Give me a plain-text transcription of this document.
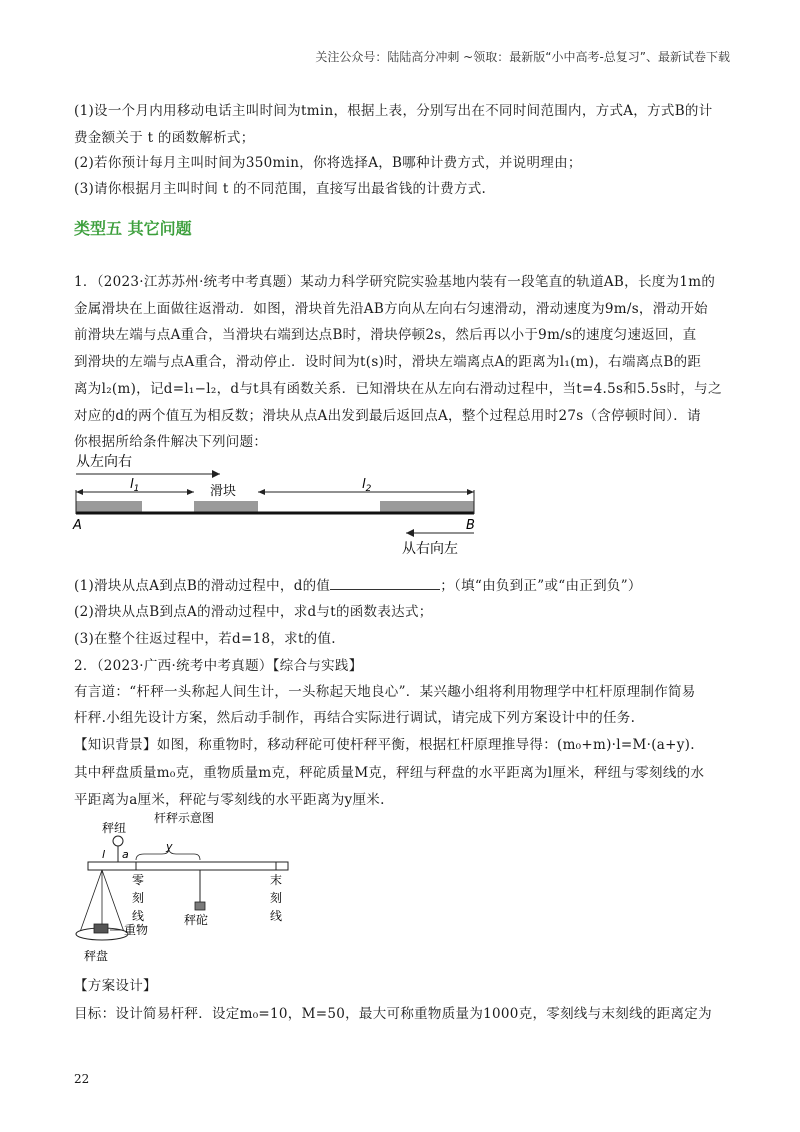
关注公众号：陆陆高分冲刺 ~领取：最新版“小中高考-总复习”、最新试卷下载
(1)设一个月内用移动电话主叫时间为tmin，根据上表，分别写出在不同时间范围内，方式A，方式B的计
费金额关于 t 的函数解析式；
(2)若你预计每月主叫时间为350min，你将选择A，B哪种计费方式，并说明理由；
(3)请你根据月主叫时间 t 的不同范围，直接写出最省钱的计费方式.
类型五 其它问题
1．（2023·江苏苏州·统考中考真题）某动力科学研究院实验基地内装有一段笔直的轨道AB，长度为1m的
金属滑块在上面做往返滑动．如图，滑块首先沿AB方向从左向右匀速滑动，滑动速度为9m/s，滑动开始
前滑块左端与点A重合，当滑块右端到达点B时，滑块停顿2s，然后再以小于9m/s的速度匀速返回，直
到滑块的左端与点A重合，滑动停止．设时间为t(s)时，滑块左端离点A的距离为l₁(m)，右端离点B的距
离为l₂(m)，记d=l₁−l₂，d与t具有函数关系．已知滑块在从左向右滑动过程中，当t=4.5s和5.5s时，与之
对应的d的两个值互为相反数；滑块从点A出发到最后返回点A，整个过程总用时27s（含停顿时间）．请
你根据所给条件解决下列问题：
从左向右
滑块
$l_1$	$l_2$
A	B
从右向左
(1)滑块从点A到点B的滑动过程中，d的值	；（填“由负到正”或“由正到负”）
(2)滑块从点B到点A的滑动过程中，求d与t的函数表达式；
(3)在整个往返过程中，若d=18，求t的值.
2．（2023·广西·统考中考真题）【综合与实践】
有言道：“杆秤一头称起人间生计，一头称起天地良心”．某兴趣小组将利用物理学中杠杆原理制作简易
杆秤.小组先设计方案，然后动手制作，再结合实际进行调试，请完成下列方案设计中的任务.
【知识背景】如图，称重物时，移动秤砣可使杆秤平衡，根据杠杆原理推导得：(m₀+m)·l=M·(a+y).
其中秤盘质量m₀克，重物质量m克，秤砣质量M克，秤纽与秤盘的水平距离为l厘米，秤纽与零刻线的水
平距离为a厘米，秤砣与零刻线的水平距离为y厘米.
杆秤示意图
秤纽
l a
y
零
刻
线
末
刻
线
秤砣
重物
秤盘
【方案设计】
目标：设计简易杆秤．设定m₀=10，M=50，最大可称重物质量为1000克，零刻线与末刻线的距离定为
22
